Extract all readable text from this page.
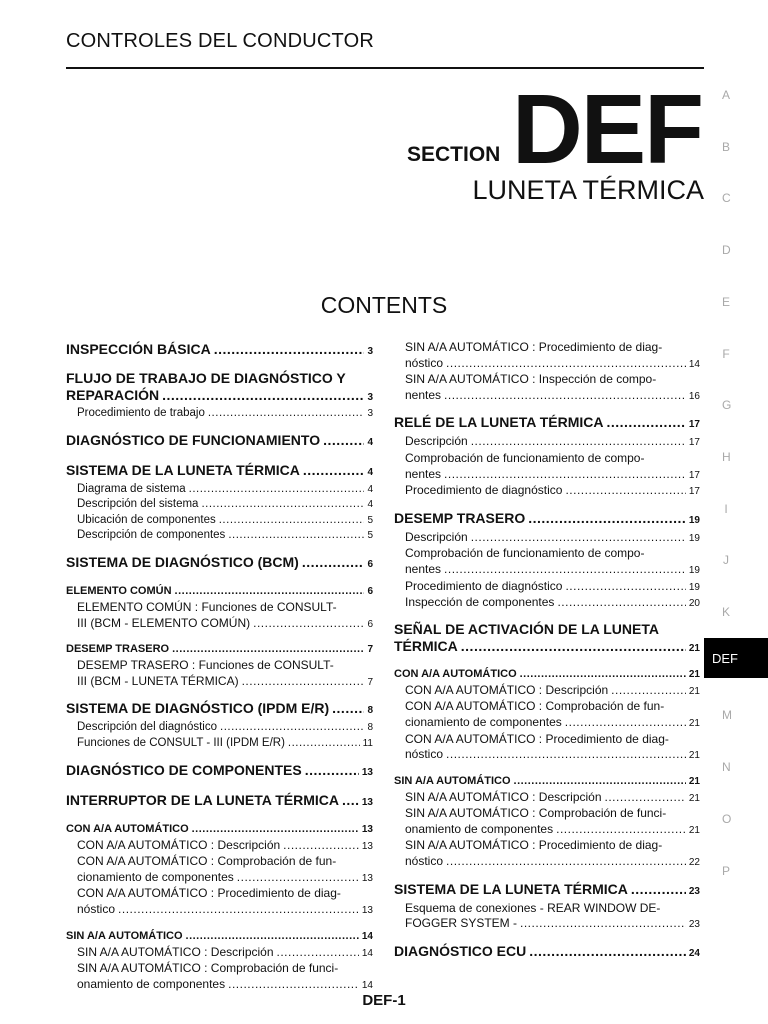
CONTROLES DEL CONDUCTOR
SECTION DEF
LUNETA TÉRMICA
CONTENTS
INSPECCIÓN BÁSICA .....	3
FLUJO DE TRABAJO DE DIAGNÓSTICO Y
REPARACIÓN .....	3
Procedimiento de trabajo .....	3
DIAGNÓSTICO DE FUNCIONAMIENTO .....	4
SISTEMA DE LA LUNETA TÉRMICA .....	4
Diagrama de sistema .....	4
Descripción del sistema .....	4
Ubicación de componentes .....	5
Descripción de componentes .....	5
SISTEMA DE DIAGNÓSTICO (BCM) .....	6
ELEMENTO COMÚN .....	6
ELEMENTO COMÚN : Funciones de CONSULT-
III (BCM - ELEMENTO COMÚN) .....	6
DESEMP TRASERO .....	7
DESEMP TRASERO : Funciones de CONSULT-
III (BCM - LUNETA TÉRMICA) .....	7
SISTEMA DE DIAGNÓSTICO (IPDM E/R) .....	8
Descripción del diagnóstico .....	8
Funciones de CONSULT - III (IPDM E/R) .....	11
DIAGNÓSTICO DE COMPONENTES .....	13
INTERRUPTOR DE LA LUNETA TÉRMICA ..... 13
CON A/A AUTOMÁTICO .....	13
CON A/A AUTOMÁTICO : Descripción .....	13
CON A/A AUTOMÁTICO : Comprobación de fun-
cionamiento de componentes .....	13
CON A/A AUTOMÁTICO : Procedimiento de diag-
nóstico .....	13
SIN A/A AUTOMÁTICO .....	14
SIN A/A AUTOMÁTICO : Descripción .....	14
SIN A/A AUTOMÁTICO : Comprobación de funci-
onamiento de componentes .....	14
SIN A/A AUTOMÁTICO : Procedimiento de diag-
nóstico .....	14
SIN A/A AUTOMÁTICO : Inspección de compo-
nentes .....	16
RELÉ DE LA LUNETA TÉRMICA .....	17
Descripción .....	17
Comprobación de funcionamiento de compo-
nentes .....	17
Procedimiento de diagnóstico .....	17
DESEMP TRASERO .....	19
Descripción .....	19
Comprobación de funcionamiento de compo-
nentes .....	19
Procedimiento de diagnóstico .....	19
Inspección de componentes .....	20
SEÑAL DE ACTIVACIÓN DE LA LUNETA
TÉRMICA .....	21
CON A/A AUTOMÁTICO .....	21
CON A/A AUTOMÁTICO : Descripción .....	21
CON A/A AUTOMÁTICO : Comprobación de fun-
cionamiento de componentes .....	21
CON A/A AUTOMÁTICO : Procedimiento de diag-
nóstico .....	21
SIN A/A AUTOMÁTICO .....	21
SIN A/A AUTOMÁTICO : Descripción .....	21
SIN A/A AUTOMÁTICO : Comprobación de funci-
onamiento de componentes .....	21
SIN A/A AUTOMÁTICO : Procedimiento de diag-
nóstico .....	22
SISTEMA DE LA LUNETA TÉRMICA .....	23
Esquema de conexiones - REAR WINDOW DE-
FOGGER SYSTEM - .....	23
DIAGNÓSTICO ECU .....	24
A
B
C
D
E
F
G
H
I
J
K
DEF
M
N
O
P
DEF-1
